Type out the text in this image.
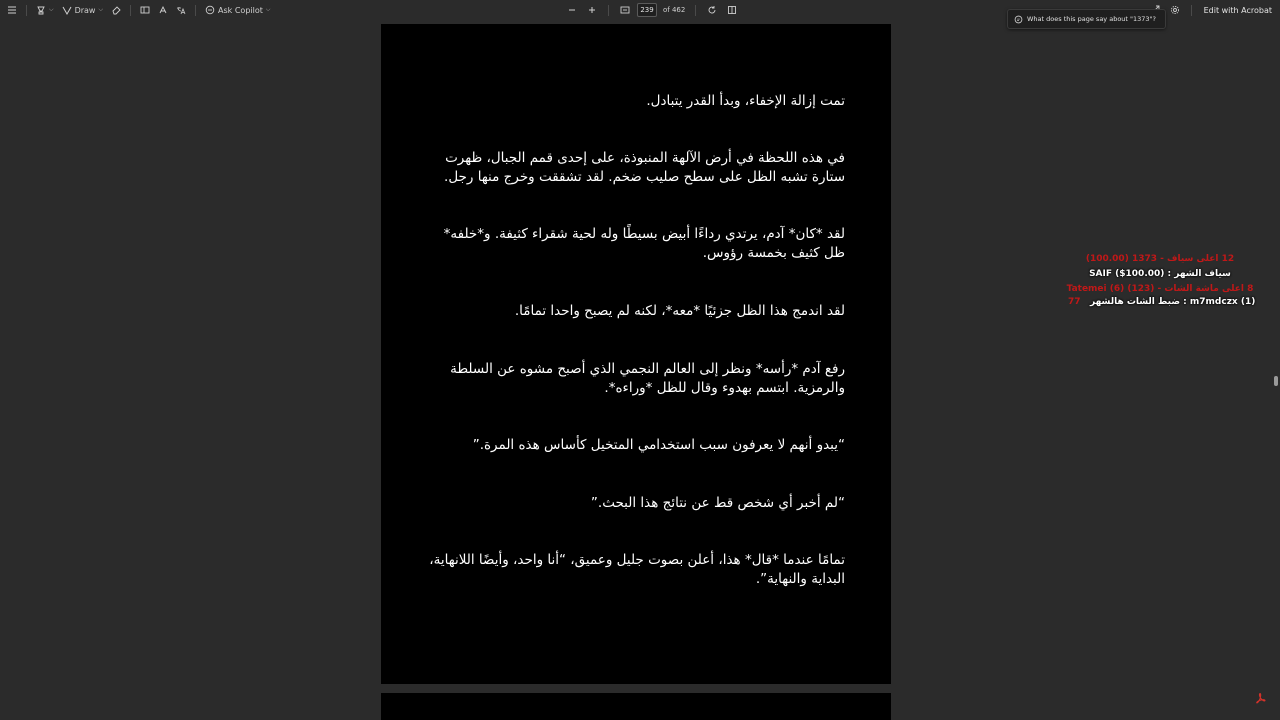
⌵	Draw ⌵	Ask Copilot ⌵
239	of 462	Edit with Acrobat
What does this page say about "1373"?

تمت إزالة الإخفاء، وبدأ القدر يتبادل.

في هذه اللحظة في أرض الآلهة المنبوذة، على إحدى قمم الجبال، ظهرت ستارة تشبه الظل على سطح صليب ضخم. لقد تشققت وخرج منها رجل.

لقد *كان* آدم، يرتدي رداءًا أبيض بسيطًا وله لحية شقراء كثيفة. و*خلفه* ظل كثيف بخمسة رؤوس.

لقد اندمج هذا الظل جزئيًا *معه*، لكنه لم يصبح واحدا تمامًا.

رفع آدم *رأسه* ونظر إلى العالم النجمي الذي أصبح مشوه عن السلطة والرمزية. ابتسم بهدوء وقال للظل *وراءه*.

“يبدو أنهم لا يعرفون سبب استخدامي المتخيل كأساس هذه المرة.”

“لم أخبر أي شخص قط عن نتائج هذا البحث.”

تمامًا عندما *قال* هذا، أعلن بصوت جليل وعميق، “أنا واحد، وأيضًا اللانهاية، البداية والنهاية”.

12 اعلى سياف - 1373 (100.00)
سياف الشهر : SAIF ($100.00)
8 اعلى ماشة الشات - Tatemei (6) (123)
77 ضبط الشات هالشهر : m7mdczx (1)
